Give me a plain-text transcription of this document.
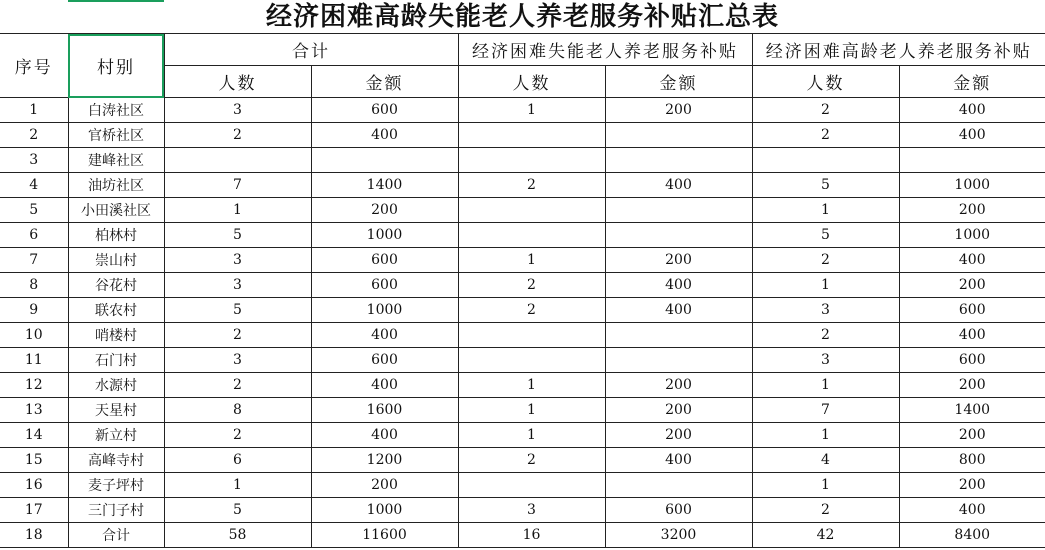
经济困难高龄失能老人养老服务补贴汇总表
序号	村别	合计		经济困难失能老人养老服务补贴		经济困难高龄老人养老服务补贴	
		人数	金额	人数	金额	人数	金额
1	白涛社区	3	600	1	200	2	400
2	官桥社区	2	400			2	400
3	建峰社区						
4	油坊社区	7	1400	2	400	5	1000
5	小田溪社区	1	200			1	200
6	柏林村	5	1000			5	1000
7	崇山村	3	600	1	200	2	400
8	谷花村	3	600	2	400	1	200
9	联农村	5	1000	2	400	3	600
10	哨楼村	2	400			2	400
11	石门村	3	600			3	600
12	水源村	2	400	1	200	1	200
13	天星村	8	1600	1	200	7	1400
14	新立村	2	400	1	200	1	200
15	高峰寺村	6	1200	2	400	4	800
16	麦子坪村	1	200			1	200
17	三门子村	5	1000	3	600	2	400
18	合计	58	11600	16	3200	42	8400
